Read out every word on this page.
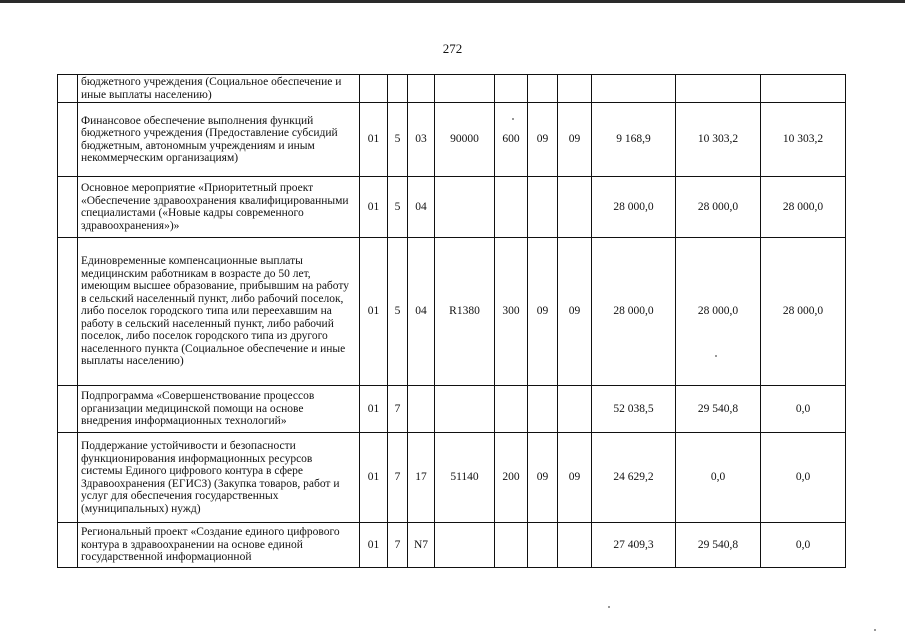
272
	бюджетного учреждения (Социальное обеспечение и иные выплаты населению)										
	Финансовое обеспечение выполнения функций бюджетного учреждения (Предоставление субсидий бюджетным, автономным учреждениям и иным некоммерческим организациям)	01	5	03	90000	600	09	09	9 168,9	10 303,2	10 303,2
	Основное мероприятие «Приоритетный проект «Обеспечение здравоохранения квалифицированными специалистами («Новые кадры современного здравоохранения»)»	01	5	04					28 000,0	28 000,0	28 000,0
	Единовременные компенсационные выплаты медицинским работникам в возрасте до 50 лет, имеющим высшее образование, прибывшим на работу в сельский населенный пункт, либо рабочий поселок, либо поселок городского типа или переехавшим на работу в сельский населенный пункт, либо рабочий поселок, либо поселок городского типа из другого населенного пункта (Социальное обеспечение и иные выплаты населению)	01	5	04	R1380	300	09	09	28 000,0	28 000,0	28 000,0
	Подпрограмма «Совершенствование процессов организации медицинской помощи на основе внедрения информационных технологий»	01	7						52 038,5	29 540,8	0,0
	Поддержание устойчивости и безопасности функционирования информационных ресурсов системы Единого цифрового контура в сфере Здравоохранения (ЕГИСЗ) (Закупка товаров, работ и услуг для обеспечения государственных (муниципальных) нужд)	01	7	17	51140	200	09	09	24 629,2	0,0	0,0
	Региональный проект «Создание единого цифрового контура в здравоохранении на основе единой государственной информационной	01	7	N7					27 409,3	29 540,8	0,0
